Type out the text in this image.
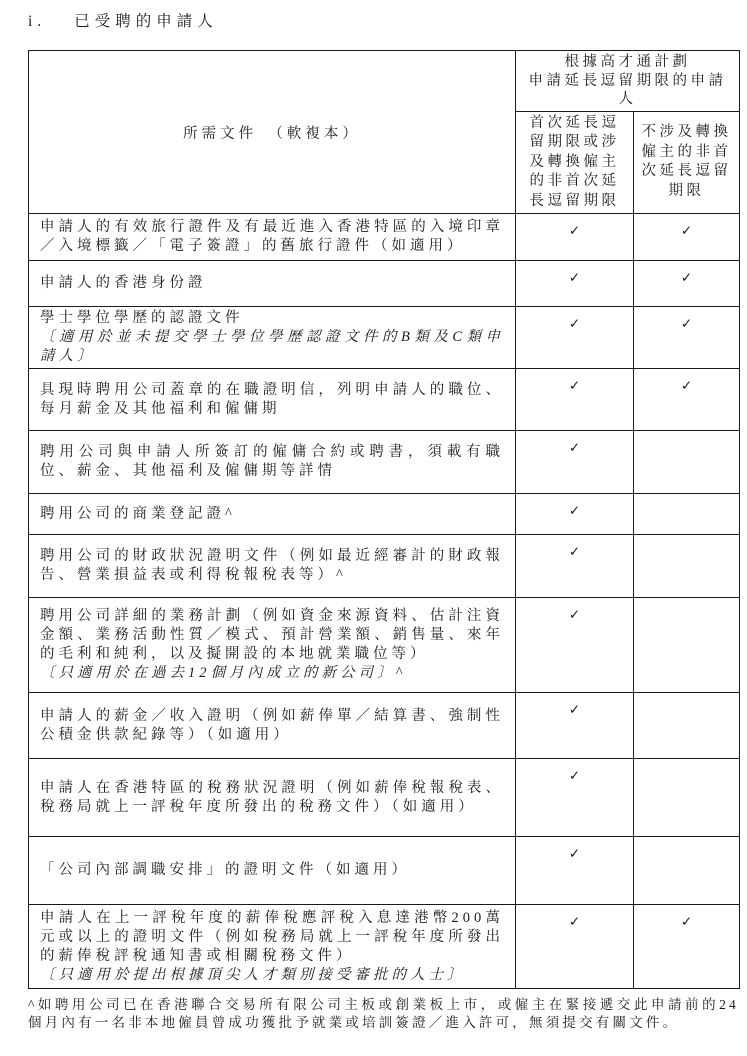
i. 已受聘的申請人
所需文件　（軟複本）	根據高才通計劃
申請延長逗留期限的申請
人	

	首次延長逗
留期限或涉
及轉換僱主
的非首次延
長逗留期限	不涉及轉換
僱主的非首
次延長逗留
期限

申請人的有效旅行證件及有最近進入香港特區的入境印章／入境標籤／「電子簽證」的舊旅行證件（如適用）	✓	✓

申請人的香港身份證	✓	✓

學士學位學歷的認證文件
〔適用於並未提交學士學位學歷認證文件的B類及C類申請人〕	✓	✓

具現時聘用公司蓋章的在職證明信，列明申請人的職位、每月薪金及其他福利和僱傭期	✓	✓

聘用公司與申請人所簽訂的僱傭合約或聘書，須載有職位、薪金、其他福利及僱傭期等詳情	✓	

聘用公司的商業登記證^	✓	

聘用公司的財政狀況證明文件（例如最近經審計的財政報告、營業損益表或利得稅報稅表等）^	✓	

聘用公司詳細的業務計劃（例如資金來源資料、估計注資金額、業務活動性質／模式、預計營業額、銷售量、來年的毛利和純利，以及擬開設的本地就業職位等）
〔只適用於在過去12個月內成立的新公司〕^	✓	

申請人的薪金／收入證明（例如薪俸單／結算書、強制性公積金供款紀錄等）（如適用）	✓	

申請人在香港特區的稅務狀況證明（例如薪俸稅報稅表、稅務局就上一評稅年度所發出的稅務文件）（如適用）	✓	

「公司內部調職安排」的證明文件（如適用）	✓	

申請人在上一評稅年度的薪俸稅應評稅入息達港幣200萬元或以上的證明文件（例如稅務局就上一評稅年度所發出的薪俸稅評稅通知書或相關稅務文件）
〔只適用於提出根據頂尖人才類別接受審批的人士〕	✓	✓
^如聘用公司已在香港聯合交易所有限公司主板或創業板上市，或僱主在緊接遞交此申請前的24個月內有一名非本地僱員曾成功獲批予就業或培訓簽證／進入許可，無須提交有關文件。
